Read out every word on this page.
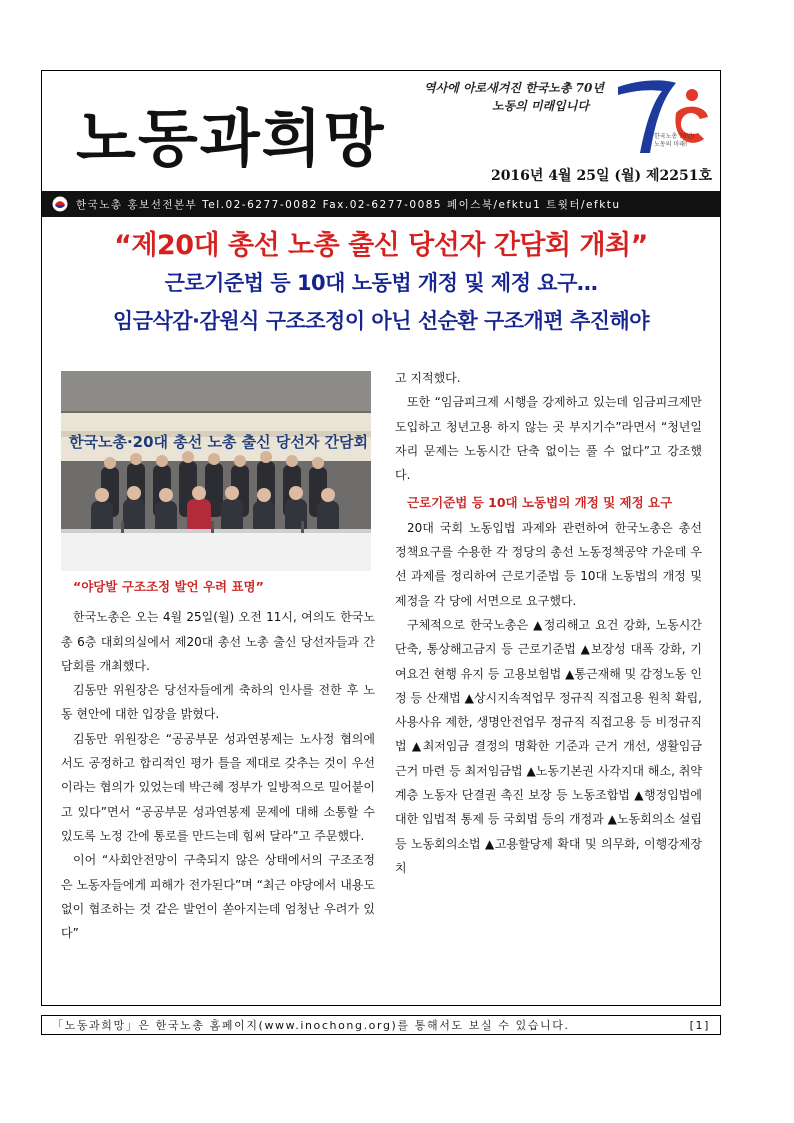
노동과희망
역사에 아로새겨진 한국노총 70년
노동의 미래입니다
한국노총 70년!
노동의 미래!
2016년 4월 25일 (월) 제2251호
한국노총 홍보선전본부 Tel.02-6277-0082 Fax.02-6277-0085 페이스북/efktu1 트윗터/efktu
“제20대 총선 노총 출신 당선자 간담회 개최”
근로기준법 등 10대 노동법 개정 및 제정 요구…
임금삭감·감원식 구조조정이 아닌 선순환 구조개편 추진해야
한국노총·20대 총선 노총 출신 당선자 간담회

“야당발 구조조정 발언 우려 표명”

한국노총은 오는 4월 25일(월) 오전 11시, 여의도 한국노총 6층 대회의실에서 제20대 총선 노총 출신 당선자들과 간담회를 개최했다.

김동만 위원장은 당선자들에게 축하의 인사를 전한 후 노동 현안에 대한 입장을 밝혔다.

김동만 위원장은 “공공부문 성과연봉제는 노사정 협의에서도 공정하고 합리적인 평가 틀을 제대로 갖추는 것이 우선이라는 협의가 있었는데 박근혜 정부가 일방적으로 밀어붙이고 있다”면서 “공공부문 성과연봉제 문제에 대해 소통할 수 있도록 노정 간에 통로를 만드는데 힘써 달라”고 주문했다.

이어 “사회안전망이 구축되지 않은 상태에서의 구조조정은 노동자들에게 피해가 전가된다”며 “최근 야당에서 내용도 없이 협조하는 것 같은 발언이 쏟아지는데 엄청난 우려가 있다”

고 지적했다.

또한 “임금피크제 시행을 강제하고 있는데 임금피크제만 도입하고 청년고용 하지 않는 곳 부지기수”라면서 “청년일자리 문제는 노동시간 단축 없이는 풀 수 없다”고 강조했다.

근로기준법 등 10대 노동법의 개정 및 제정 요구

20대 국회 노동입법 과제와 관련하여 한국노총은 총선 정책요구를 수용한 각 정당의 총선 노동정책공약 가운데 우선 과제를 정리하여 근로기준법 등 10대 노동법의 개정 및 제정을 각 당에 서면으로 요구했다.

구체적으로 한국노총은 ▲정리해고 요건 강화, 노동시간단축, 통상해고금지 등 근로기준법 ▲보장성 대폭 강화, 기여요건 현행 유지 등 고용보험법 ▲통근재해 및 감정노동 인정 등 산재법 ▲상시지속적업무 정규직 직접고용 원칙 확립, 사용사유 제한, 생명안전업무 정규직 직접고용 등 비정규직법 ▲최저임금 결정의 명확한 기준과 근거 개선, 생활임금 근거 마련 등 최저임금법 ▲노동기본권 사각지대 해소, 취약계층 노동자 단결권 촉진 보장 등 노동조합법 ▲행정입법에 대한 입법적 통제 등 국회법 등의 개정과 ▲노동회의소 설립 등 노동회의소법 ▲고용할당제 확대 및 의무화, 이행강제장치

「노동과희망」은 한국노총 홈페이지(www.inochong.org)를 통해서도 보실 수 있습니다.	[1]
